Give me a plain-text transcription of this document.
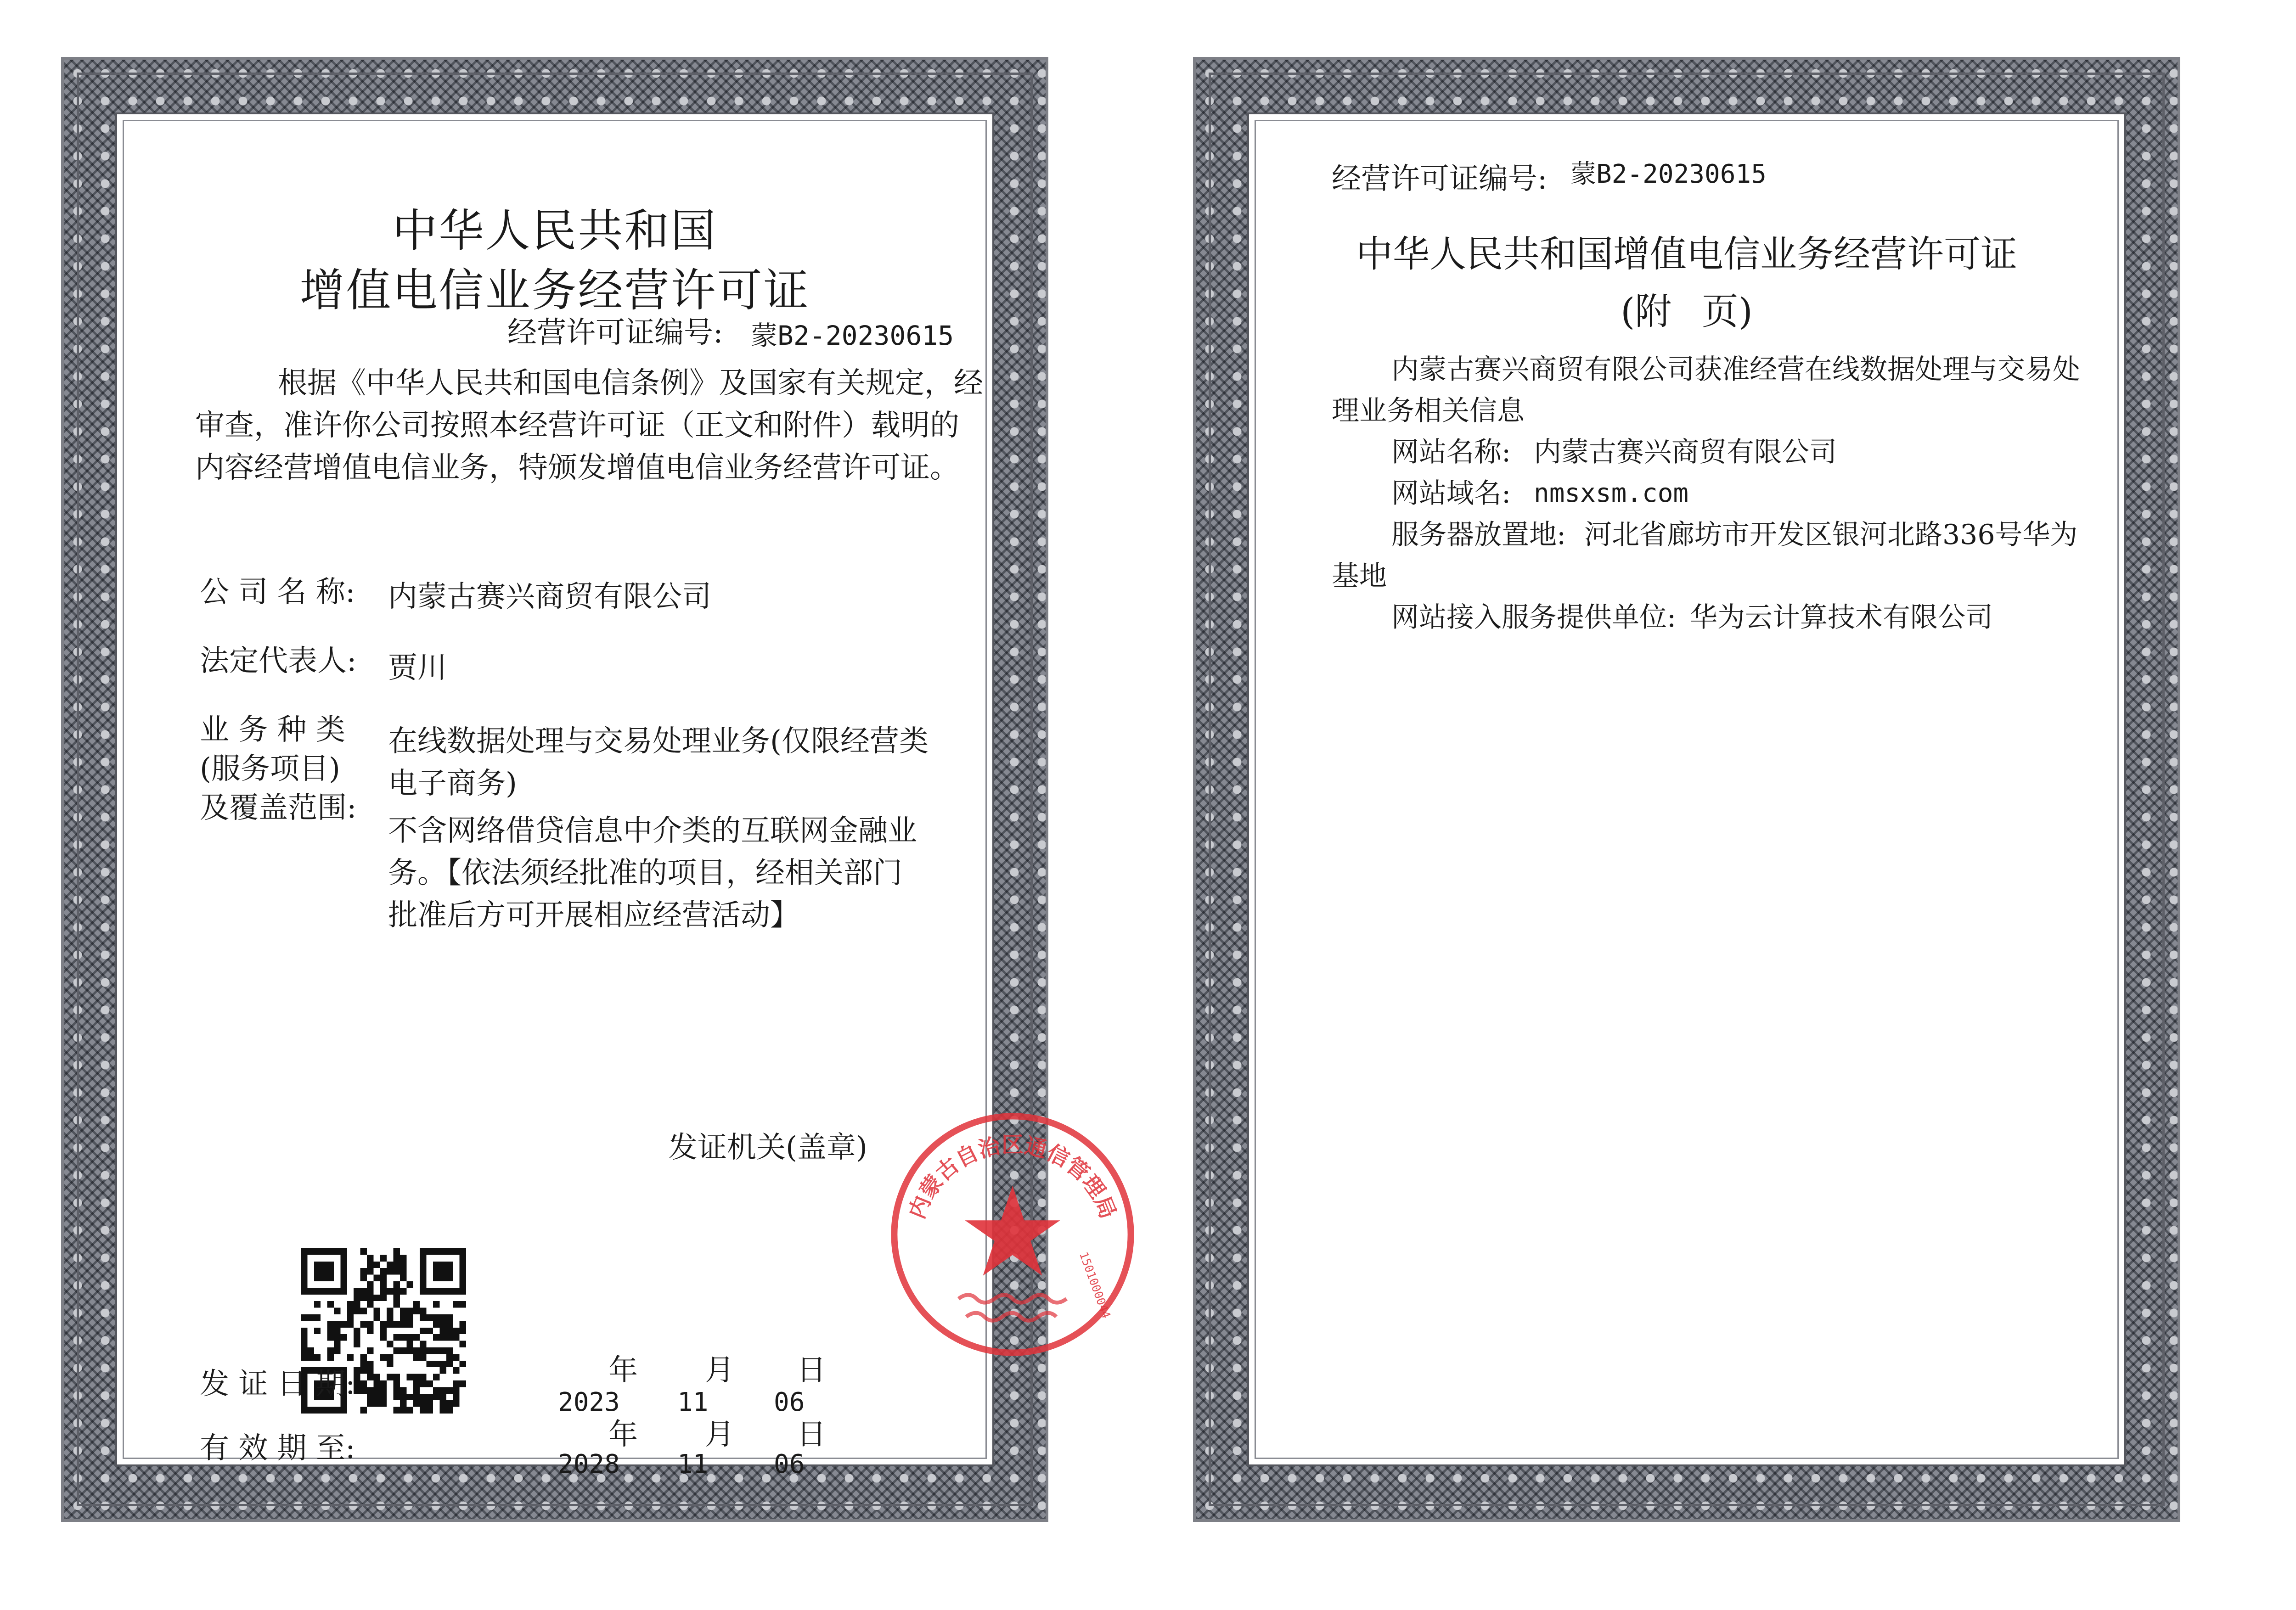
中华人民共和国
增值电信业务经营许可证
经营许可证编号: 蒙B2-20230615
根据《中华人民共和国电信条例》及国家有关规定，经
审查，准许你公司按照本经营许可证（正文和附件）载明的
内容经营增值电信业务，特颁发增值电信业务经营许可证。
公 司 名 称: 内蒙古赛兴商贸有限公司
法定代表人: 贾川
业 务 种 类
(服务项目)
及覆盖范围:
在线数据处理与交易处理业务(仅限经营类
电子商务)
不含网络借贷信息中介类的互联网金融业
务。【依法须经批准的项目，经相关部门
批准后方可开展相应经营活动】
发证机关(盖章)
内蒙古自治区通信管理局
1501000044
发 证 日 期:
2023
年
11
月
06
日
有 效 期 至:	2028
年
11
月
06
日
经营许可证编号: 蒙B2-20230615
中华人民共和国增值电信业务经营许可证
(附 页)
内蒙古赛兴商贸有限公司获准经营在线数据处理与交易处
理业务相关信息
网站名称: 内蒙古赛兴商贸有限公司
网站域名: nmsxsm.com
服务器放置地: 河北省廊坊市开发区银河北路336号华为
基地
网站接入服务提供单位: 华为云计算技术有限公司
